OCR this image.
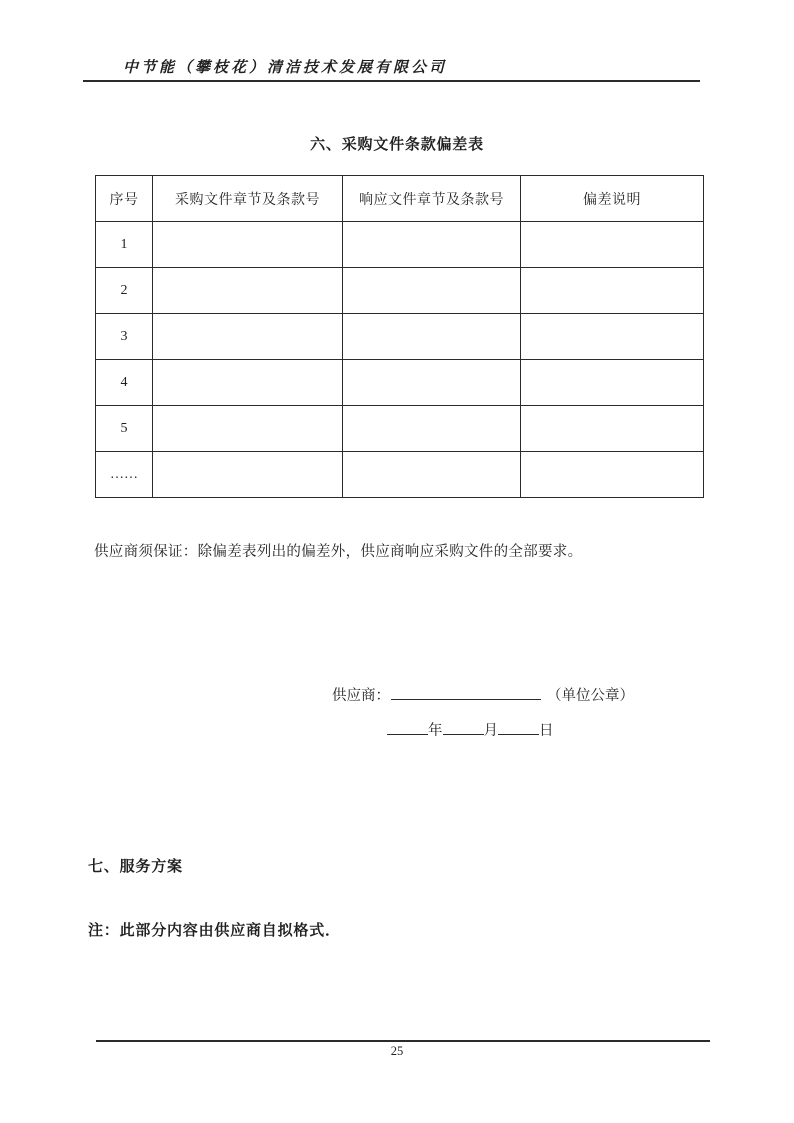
中节能（攀枝花）清洁技术发展有限公司
六、采购文件条款偏差表
序号	采购文件章节及条款号	响应文件章节及条款号	偏差说明
1			
2			
3			
4			
5			
……			
供应商须保证：除偏差表列出的偏差外，供应商响应采购文件的全部要求。
供应商：	（单位公章）
年	月	日
七、服务方案
注：此部分内容由供应商自拟格式．
25
